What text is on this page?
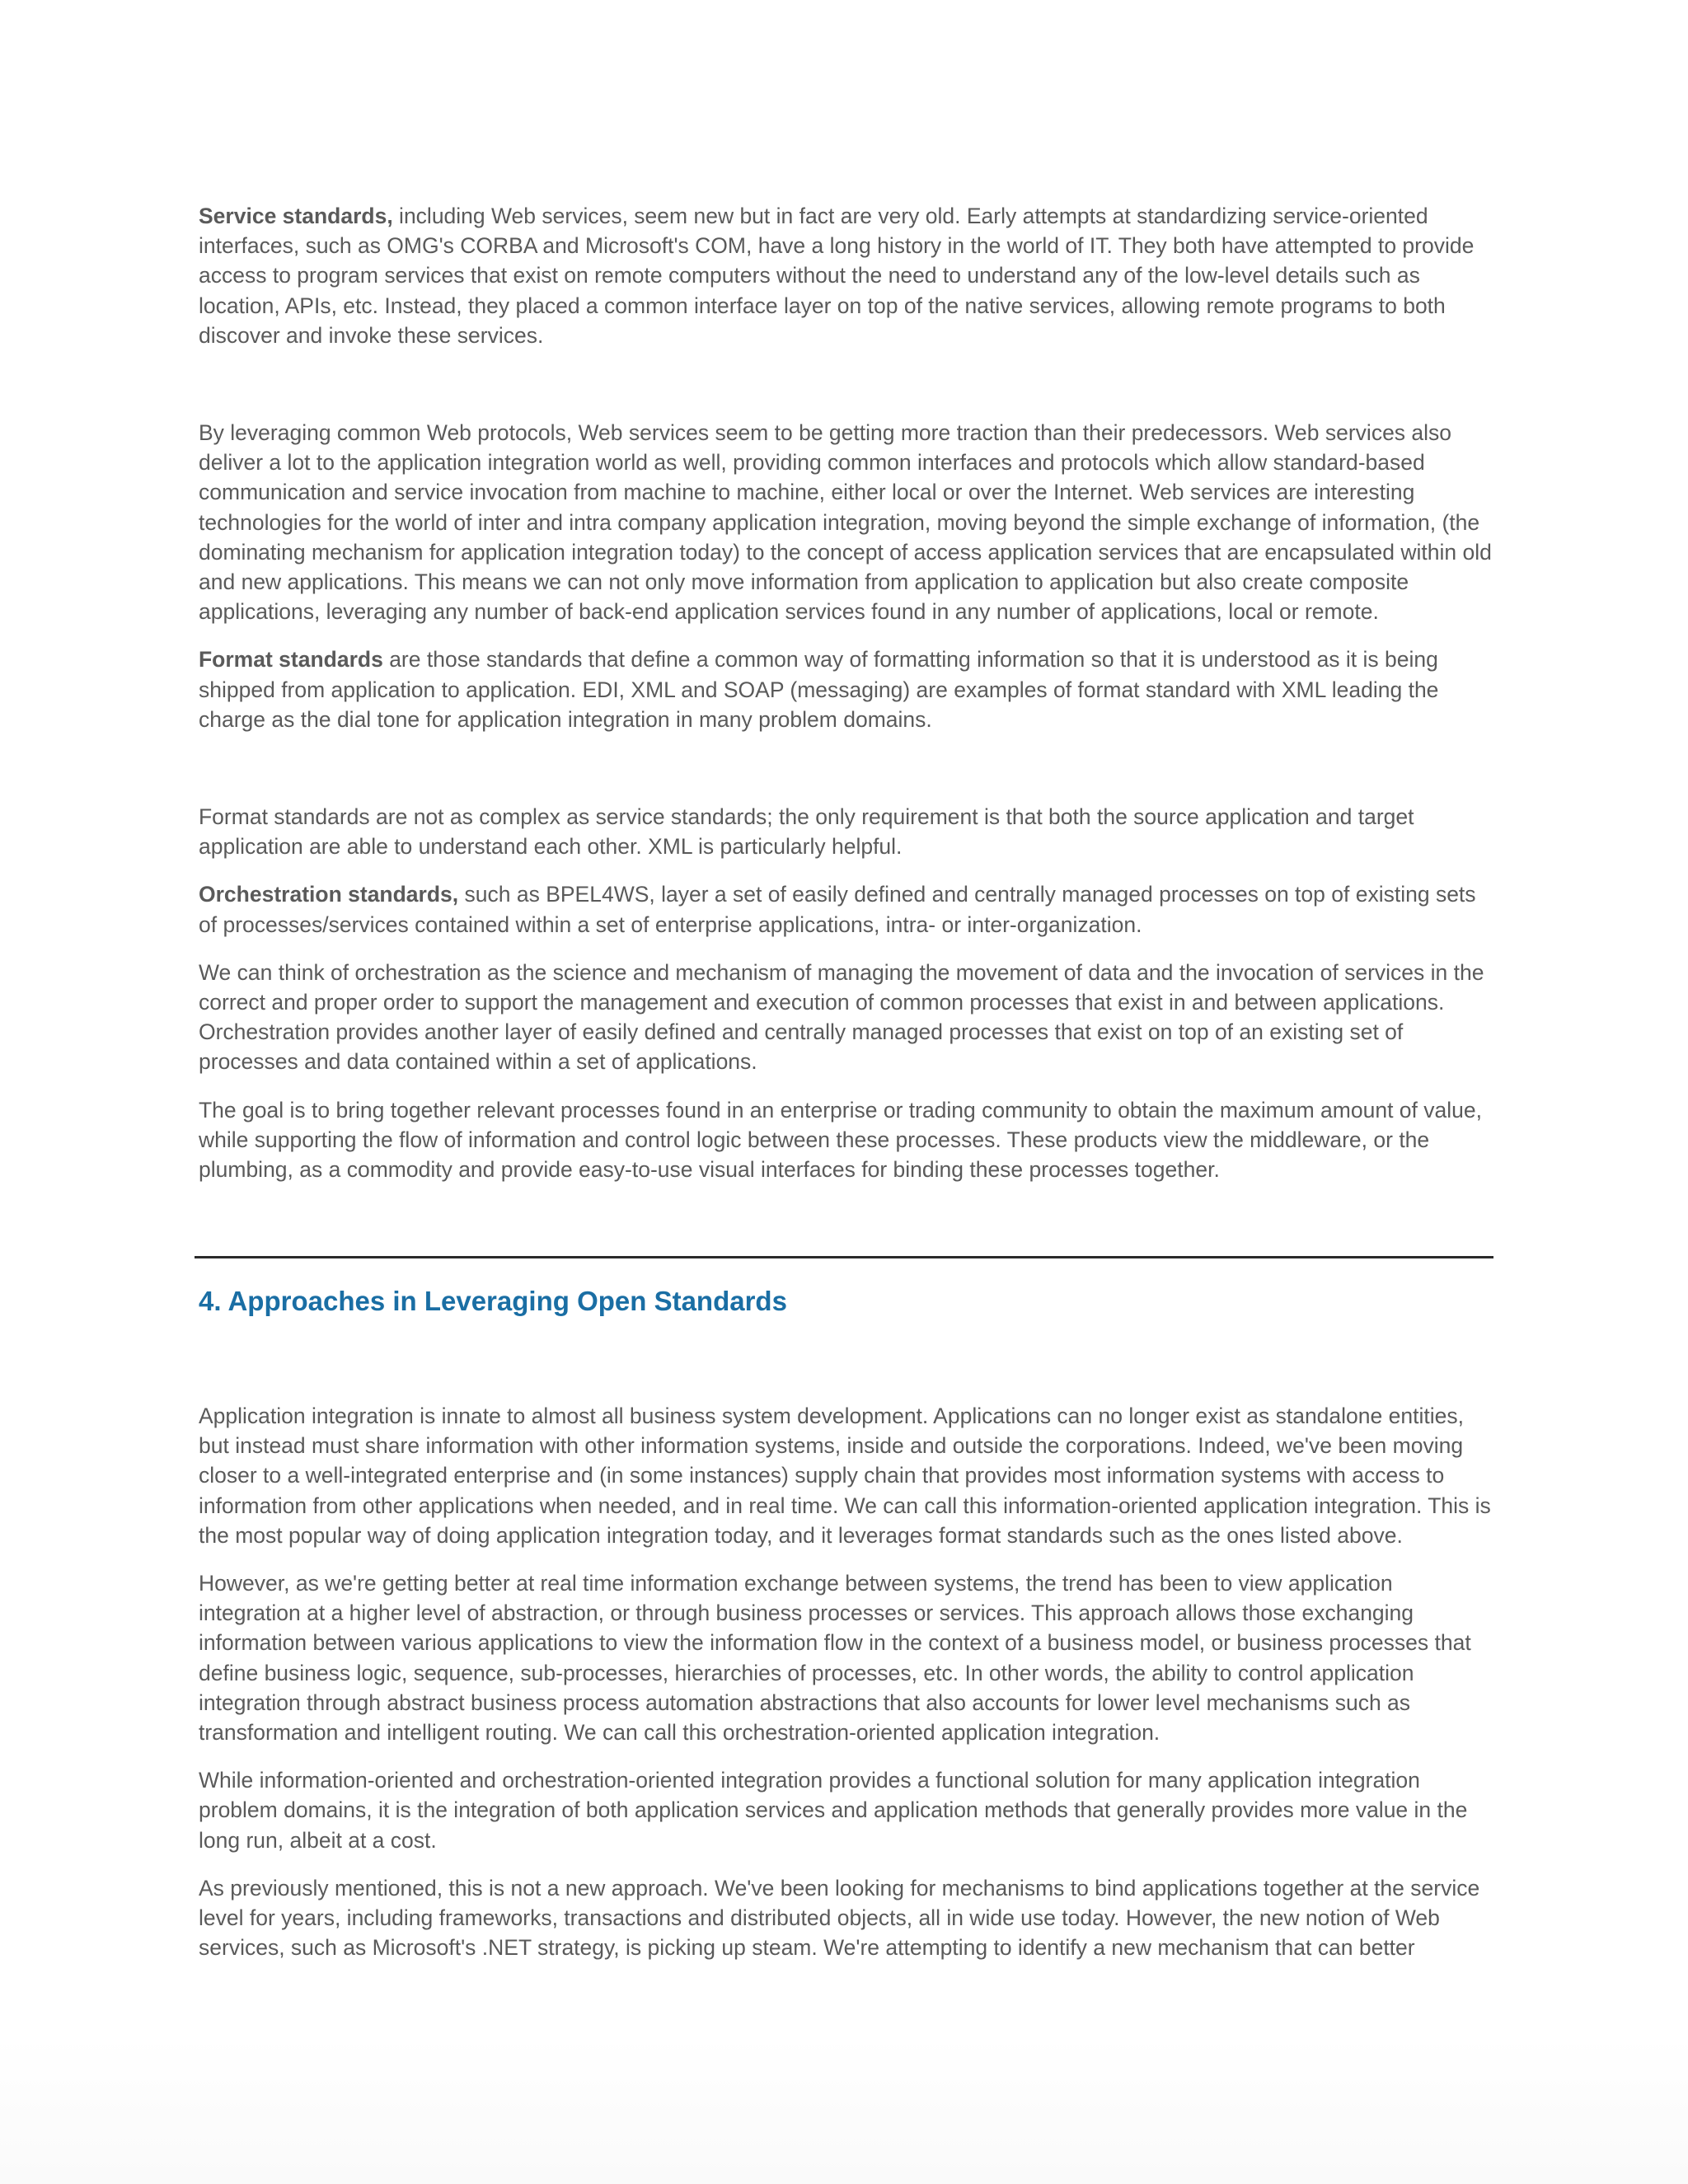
Service standards, including Web services, seem new but in fact are very old. Early attempts at standardizing service-oriented interfaces, such as OMG's CORBA and Microsoft's COM, have a long history in the world of IT. They both have attempted to provide access to program services that exist on remote computers without the need to understand any of the low-level details such as location, APIs, etc. Instead, they placed a common interface layer on top of the native services, allowing remote programs to both discover and invoke these services.

By leveraging common Web protocols, Web services seem to be getting more traction than their predecessors. Web services also deliver a lot to the application integration world as well, providing common interfaces and protocols which allow standard-based communication and service invocation from machine to machine, either local or over the Internet. Web services are interesting technologies for the world of inter and intra company application integration, moving beyond the simple exchange of information, (the dominating mechanism for application integration today) to the concept of access application services that are encapsulated within old and new applications. This means we can not only move information from application to application but also create composite applications, leveraging any number of back-end application services found in any number of applications, local or remote.

Format standards are those standards that define a common way of formatting information so that it is understood as it is being shipped from application to application. EDI, XML and SOAP (messaging) are examples of format standard with XML leading the charge as the dial tone for application integration in many problem domains.

Format standards are not as complex as service standards; the only requirement is that both the source application and target application are able to understand each other. XML is particularly helpful.

Orchestration standards, such as BPEL4WS, layer a set of easily defined and centrally managed processes on top of existing sets of processes/services contained within a set of enterprise applications, intra- or inter-organization.

We can think of orchestration as the science and mechanism of managing the movement of data and the invocation of services in the correct and proper order to support the management and execution of common processes that exist in and between applications. Orchestration provides another layer of easily defined and centrally managed processes that exist on top of an existing set of processes and data contained within a set of applications.

The goal is to bring together relevant processes found in an enterprise or trading community to obtain the maximum amount of value, while supporting the flow of information and control logic between these processes. These products view the middleware, or the plumbing, as a commodity and provide easy-to-use visual interfaces for binding these processes together.

4. Approaches in Leveraging Open Standards

Application integration is innate to almost all business system development. Applications can no longer exist as standalone entities, but instead must share information with other information systems, inside and outside the corporations. Indeed, we've been moving closer to a well-integrated enterprise and (in some instances) supply chain that provides most information systems with access to information from other applications when needed, and in real time. We can call this information-oriented application integration. This is the most popular way of doing application integration today, and it leverages format standards such as the ones listed above.

However, as we're getting better at real time information exchange between systems, the trend has been to view application integration at a higher level of abstraction, or through business processes or services. This approach allows those exchanging information between various applications to view the information flow in the context of a business model, or business processes that define business logic, sequence, sub-processes, hierarchies of processes, etc. In other words, the ability to control application integration through abstract business process automation abstractions that also accounts for lower level mechanisms such as transformation and intelligent routing. We can call this orchestration-oriented application integration.

While information-oriented and orchestration-oriented integration provides a functional solution for many application integration problem domains, it is the integration of both application services and application methods that generally provides more value in the long run, albeit at a cost.

As previously mentioned, this is not a new approach. We've been looking for mechanisms to bind applications together at the service level for years, including frameworks, transactions and distributed objects, all in wide use today. However, the new notion of Web services, such as Microsoft's .NET strategy, is picking up steam. We're attempting to identify a new mechanism that can better
